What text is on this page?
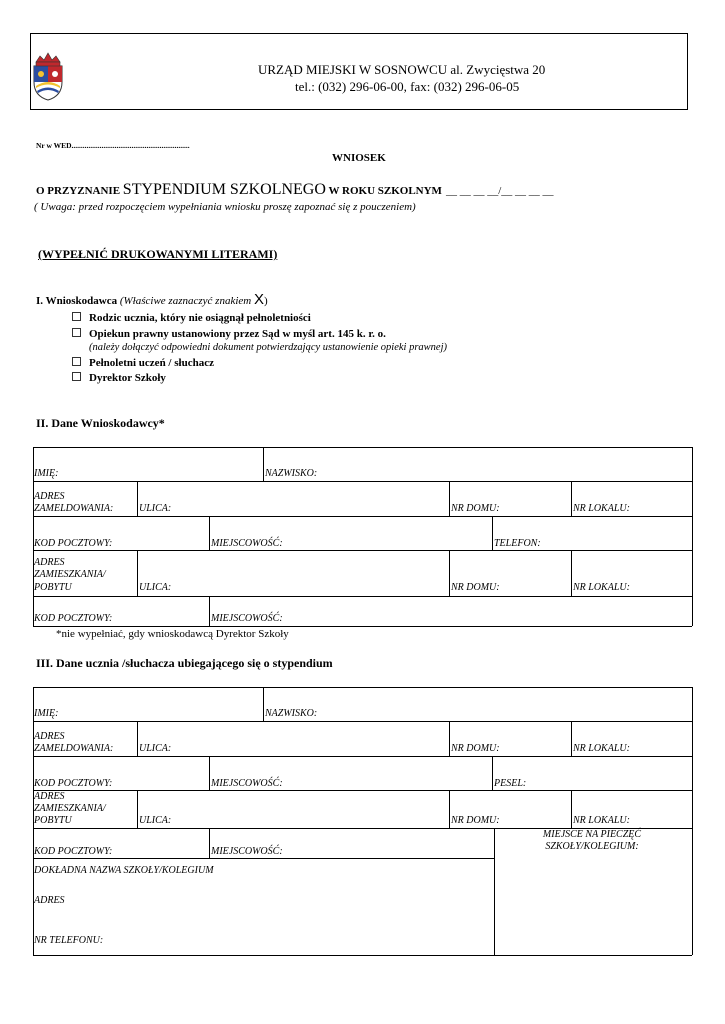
URZĄD MIEJSKI W SOSNOWCU al. Zwycięstwa 20
tel.: (032) 296-06-00, fax: (032) 296-06-05
Nr w WED...............................................................
WNIOSEK
O PRZYZNANIE STYPENDIUM SZKOLNEGO W ROKU SZKOLNYM __ __ __ __/__ __ __ __
( Uwaga: przed rozpoczęciem wypełniania wniosku proszę zapoznać się z pouczeniem)
(WYPEŁNIĆ DRUKOWANYMI LITERAMI)
I. Wnioskodawca (Właściwe zaznaczyć znakiem X)
Rodzic ucznia, który nie osiągnął pełnoletniości
Opiekun prawny ustanowiony przez Sąd w myśl art. 145 k. r. o.
(należy dołączyć odpowiedni dokument potwierdzający ustanowienie opieki prawnej)
Pełnoletni uczeń / słuchacz
Dyrektor Szkoły
II. Dane Wnioskodawcy*
IMIĘ:	NAZWISKO:
ADRES
ZAMELDOWANIA:	ULICA:	NR DOMU:	NR LOKALU:
KOD POCZTOWY:	MIEJSCOWOŚĆ:	TELEFON:
ADRES
ZAMIESZKANIA/
POBYTU	ULICA:	NR DOMU:	NR LOKALU:
KOD POCZTOWY:	MIEJSCOWOŚĆ:
*nie wypełniać, gdy wnioskodawcą Dyrektor Szkoły
III. Dane ucznia /słuchacza ubiegającego się o stypendium
IMIĘ:	NAZWISKO:
ADRES
ZAMELDOWANIA:	ULICA:	NR DOMU:	NR LOKALU:
KOD POCZTOWY:	MIEJSCOWOŚĆ:	PESEL:
ADRES
ZAMIESZKANIA/
POBYTU	ULICA:	NR DOMU:	NR LOKALU:
KOD POCZTOWY:	MIEJSCOWOŚĆ:
DOKŁADNA NAZWA SZKOŁY/KOLEGIUM
ADRES
NR TELEFONU:
MIEJSCE NA PIECZĘĆ
SZKOŁY/KOLEGIUM:
